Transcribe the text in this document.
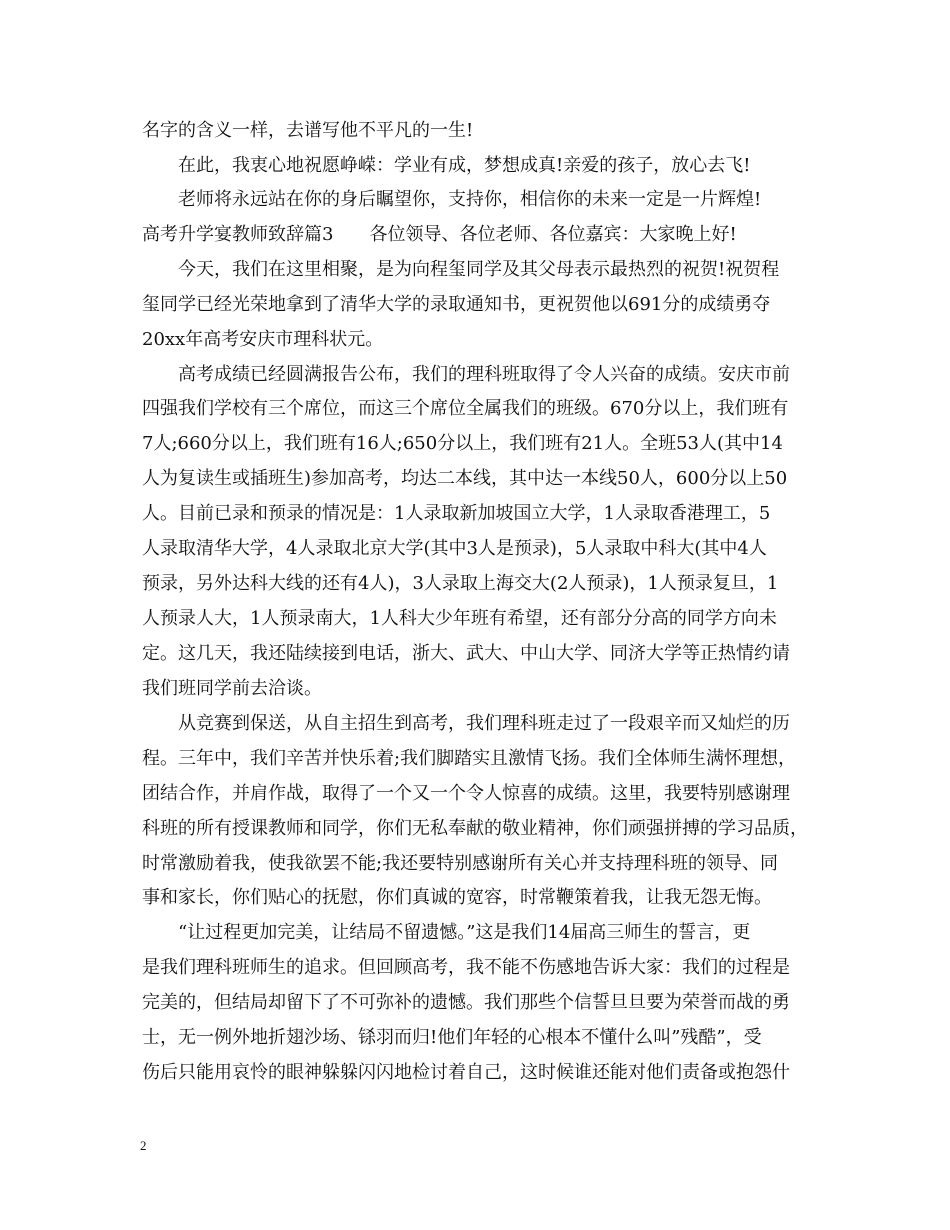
名字的含义一样，去谱写他不平凡的一生!
在此，我衷心地祝愿峥嵘：学业有成，梦想成真!亲爱的孩子，放心去飞!
老师将永远站在你的身后瞩望你，支持你，相信你的未来一定是一片辉煌!
高考升学宴教师致辞篇3　　各位领导、各位老师、各位嘉宾：大家晚上好!
今天，我们在这里相聚，是为向程玺同学及其父母表示最热烈的祝贺!祝贺程
玺同学已经光荣地拿到了清华大学的录取通知书，更祝贺他以691分的成绩勇夺
20xx年高考安庆市理科状元。
高考成绩已经圆满报告公布，我们的理科班取得了令人兴奋的成绩。安庆市前
四强我们学校有三个席位，而这三个席位全属我们的班级。670分以上，我们班有
7人;660分以上，我们班有16人;650分以上，我们班有21人。全班53人(其中14
人为复读生或插班生)参加高考，均达二本线，其中达一本线50人，600分以上50
人。目前已录和预录的情况是：1人录取新加坡国立大学，1人录取香港理工，5
人录取清华大学，4人录取北京大学(其中3人是预录)，5人录取中科大(其中4人
预录，另外达科大线的还有4人)，3人录取上海交大(2人预录)，1人预录复旦，1
人预录人大，1人预录南大，1人科大少年班有希望，还有部分分高的同学方向未
定。这几天，我还陆续接到电话，浙大、武大、中山大学、同济大学等正热情约请
我们班同学前去洽谈。
从竞赛到保送，从自主招生到高考，我们理科班走过了一段艰辛而又灿烂的历
程。三年中，我们辛苦并快乐着;我们脚踏实且激情飞扬。我们全体师生满怀理想，
团结合作，并肩作战，取得了一个又一个令人惊喜的成绩。这里，我要特别感谢理
科班的所有授课教师和同学，你们无私奉献的敬业精神，你们顽强拼搏的学习品质，
时常激励着我，使我欲罢不能;我还要特别感谢所有关心并支持理科班的领导、同
事和家长，你们贴心的抚慰，你们真诚的宽容，时常鞭策着我，让我无怨无悔。
“让过程更加完美，让结局不留遗憾。”这是我们14届高三师生的誓言，更
是我们理科班师生的追求。但回顾高考，我不能不伤感地告诉大家：我们的过程是
完美的，但结局却留下了不可弥补的遗憾。我们那些个信誓旦旦要为荣誉而战的勇
士，无一例外地折翅沙场、铩羽而归!他们年轻的心根本不懂什么叫”残酷”，受
伤后只能用哀怜的眼神躲躲闪闪地检讨着自己，这时候谁还能对他们责备或抱怨什
2
